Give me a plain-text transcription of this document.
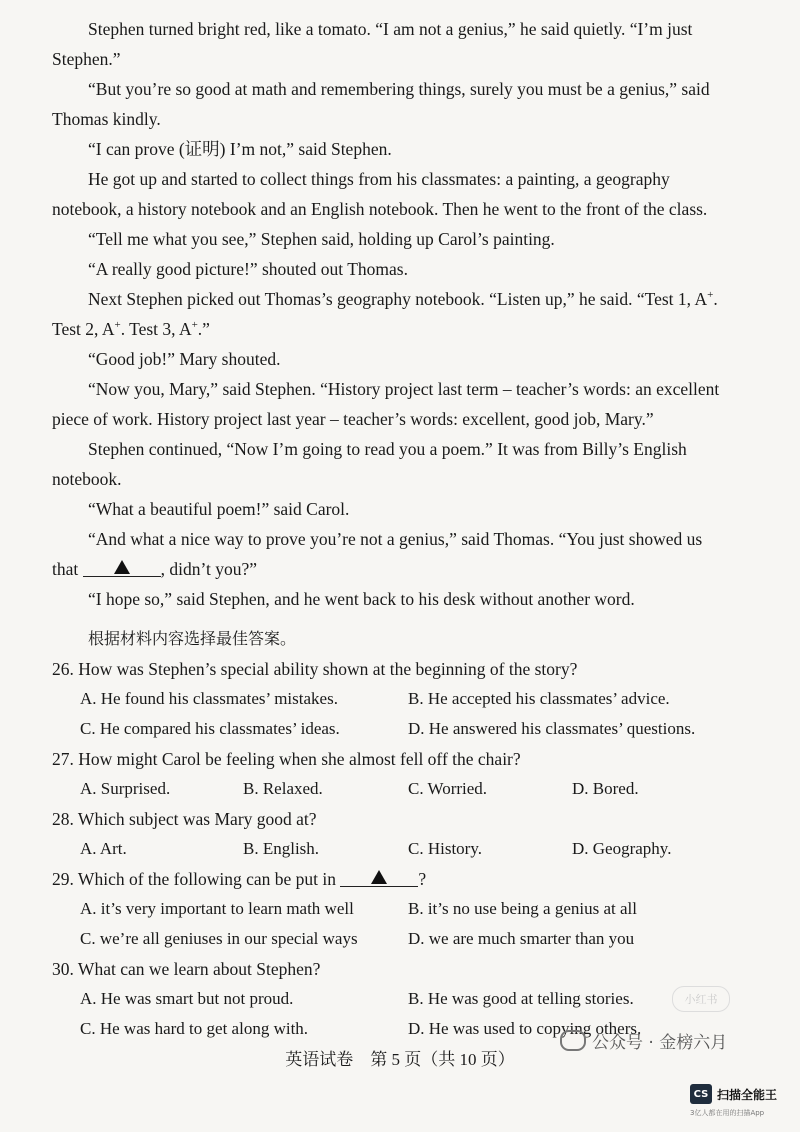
Stephen turned bright red, like a tomato. “I am not a genius,” he said quietly. “I’m just
Stephen.”
“But you’re so good at math and remembering things, surely you must be a genius,” said
Thomas kindly.
“I can prove (证明) I’m not,” said Stephen.
He got up and started to collect things from his classmates: a painting, a geography
notebook, a history notebook and an English notebook. Then he went to the front of the class.
“Tell me what you see,” Stephen said, holding up Carol’s painting.
“A really good picture!” shouted out Thomas.
Next Stephen picked out Thomas’s geography notebook. “Listen up,” he said. “Test 1, A+.
Test 2, A+. Test 3, A+.”
“Good job!” Mary shouted.
“Now you, Mary,” said Stephen. “History project last term – teacher’s words: an excellent
piece of work. History project last year – teacher’s words: excellent, good job, Mary.”
Stephen continued, “Now I’m going to read you a poem.” It was from Billy’s English
notebook.
“What a beautiful poem!” said Carol.
“And what a nice way to prove you’re not a genius,” said Thomas. “You just showed us
that	, didn’t you?”
“I hope so,” said Stephen, and he went back to his desk without another word.
根据材料内容选择最佳答案。
26. How was Stephen’s special ability shown at the beginning of the story?
A. He found his classmates’ mistakes.	B. He accepted his classmates’ advice.
C. He compared his classmates’ ideas.	D. He answered his classmates’ questions.
27. How might Carol be feeling when she almost fell off the chair?
A. Surprised.	B. Relaxed.	C. Worried.	D. Bored.
28. Which subject was Mary good at?
A. Art.	B. English.	C. History.	D. Geography.
29. Which of the following can be put in	?
A. it’s very important to learn math well	B. it’s no use being a genius at all
C. we’re all geniuses in our special ways	D. we are much smarter than you
30. What can we learn about Stephen?
A. He was smart but not proud.	B. He was good at telling stories.
C. He was hard to get along with.	D. He was used to copying others.
小红书
公众号 · 金榜六月
英语试卷　第 5 页（共 10 页）
CS 扫描全能王
3亿人都在用的扫描App
